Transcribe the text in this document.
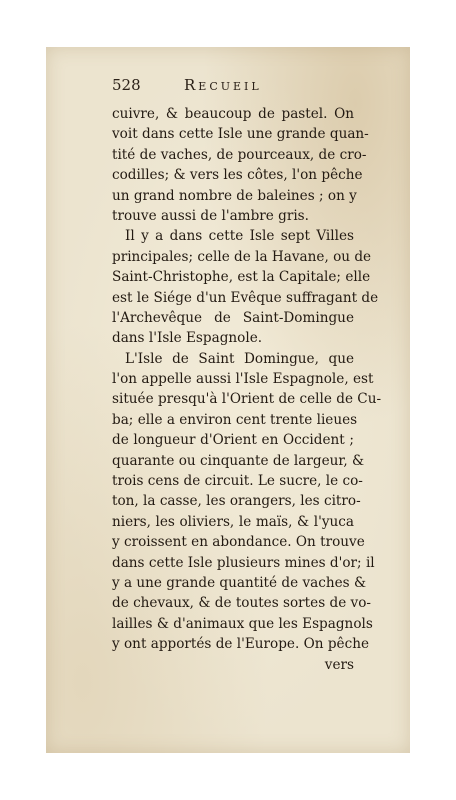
528	Recueil
cuivre, & beaucoup de pastel. On
voit dans cette Isle une grande quan-
tité de vaches, de pourceaux, de cro-
codilles; & vers les côtes, l'on pêche
un grand nombre de baleines ; on y
trouve aussi de l'ambre gris.
Il y a dans cette Isle sept Villes
principales; celle de la Havane, ou de
Saint-Christophe, est la Capitale; elle
est le Siége d'un Evêque suffragant de
l'Archevêque de Saint-Domingue
dans l'Isle Espagnole.
L'Isle de Saint Domingue, que
l'on appelle aussi l'Isle Espagnole, est
située presqu'à l'Orient de celle de Cu-
ba; elle a environ cent trente lieues
de longueur d'Orient en Occident ;
quarante ou cinquante de largeur, &
trois cens de circuit. Le sucre, le co-
ton, la casse, les orangers, les citro-
niers, les oliviers, le maïs, & l'yuca
y croissent en abondance. On trouve
dans cette Isle plusieurs mines d'or; il
y a une grande quantité de vaches &
de chevaux, & de toutes sortes de vo-
lailles & d'animaux que les Espagnols
y ont apportés de l'Europe. On pêche
vers
